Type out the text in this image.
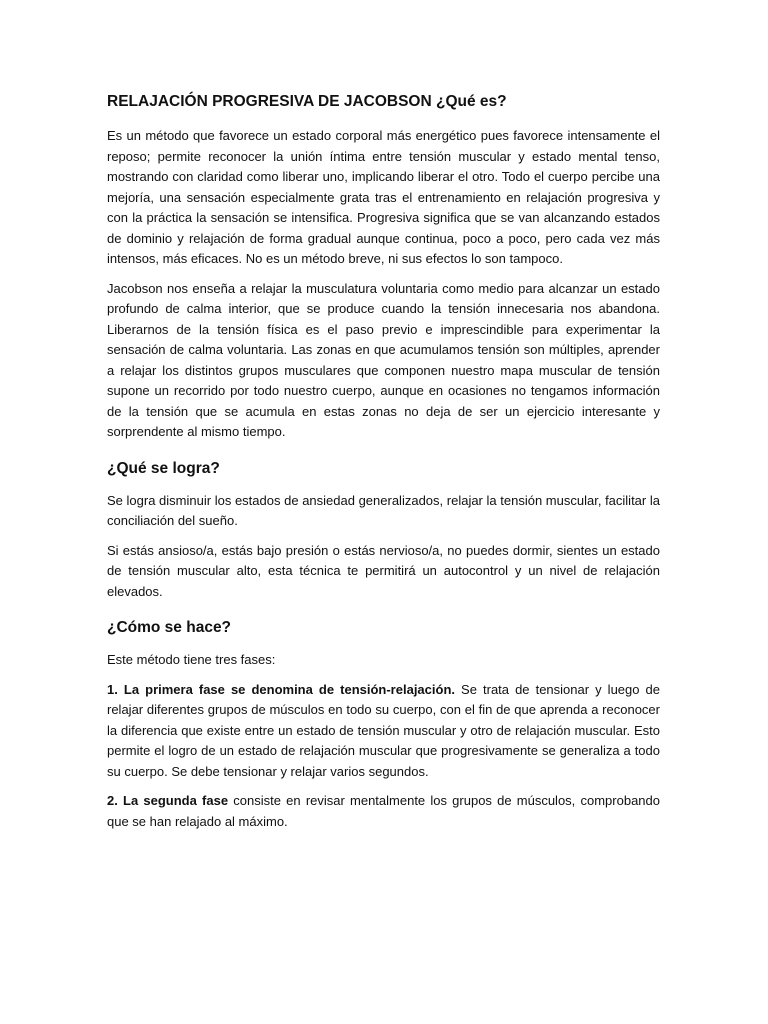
RELAJACIÓN PROGRESIVA DE JACOBSON ¿Qué es?

Es un método que favorece un estado corporal más energético pues favorece intensamente el reposo; permite reconocer la unión íntima entre tensión muscular y estado mental tenso, mostrando con claridad como liberar uno, implicando liberar el otro. Todo el cuerpo percibe una mejoría, una sensación especialmente grata tras el entrenamiento en relajación progresiva y con la práctica la sensación se intensifica. Progresiva significa que se van alcanzando estados de dominio y relajación de forma gradual aunque continua, poco a poco, pero cada vez más intensos, más eficaces. No es un método breve, ni sus efectos lo son tampoco.

Jacobson nos enseña a relajar la musculatura voluntaria como medio para alcanzar un estado profundo de calma interior, que se produce cuando la tensión innecesaria nos abandona. Liberarnos de la tensión física es el paso previo e imprescindible para experimentar la sensación de calma voluntaria. Las zonas en que acumulamos tensión son múltiples, aprender a relajar los distintos grupos musculares que componen nuestro mapa muscular de tensión supone un recorrido por todo nuestro cuerpo, aunque en ocasiones no tengamos información de la tensión que se acumula en estas zonas no deja de ser un ejercicio interesante y sorprendente al mismo tiempo.

¿Qué se logra?

Se logra disminuir los estados de ansiedad generalizados, relajar la tensión muscular, facilitar la conciliación del sueño.

Si estás ansioso/a, estás bajo presión o estás nervioso/a, no puedes dormir, sientes un estado de tensión muscular alto, esta técnica te permitirá un autocontrol y un nivel de relajación elevados.

¿Cómo se hace?

Este método tiene tres fases:

1. La primera fase se denomina de tensión-relajación. Se trata de tensionar y luego de relajar diferentes grupos de músculos en todo su cuerpo, con el fin de que aprenda a reconocer la diferencia que existe entre un estado de tensión muscular y otro de relajación muscular. Esto permite el logro de un estado de relajación muscular que progresivamente se generaliza a todo su cuerpo. Se debe tensionar y relajar varios segundos.

2. La segunda fase consiste en revisar mentalmente los grupos de músculos, comprobando que se han relajado al máximo.
